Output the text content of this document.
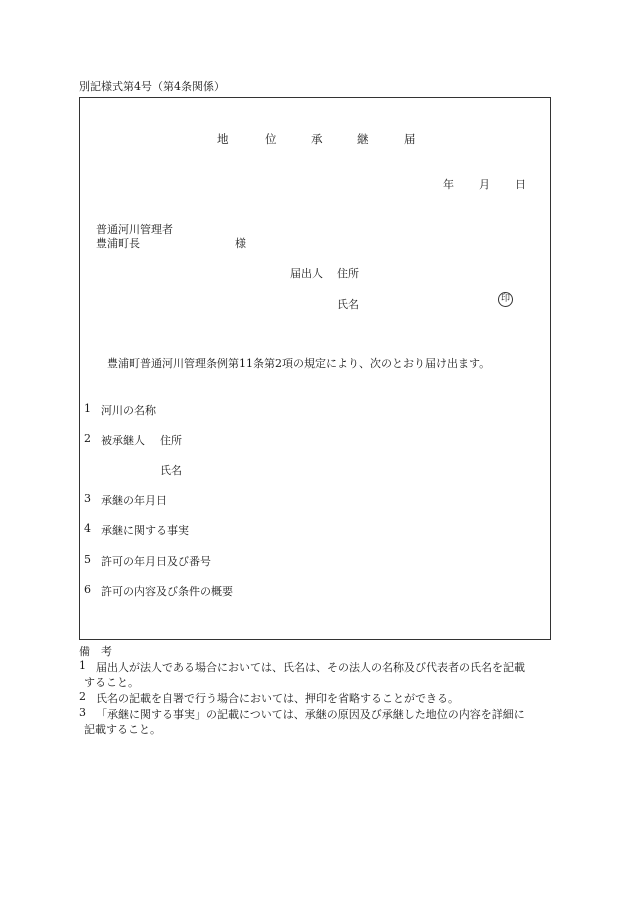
別記様式第4号（第4条関係）
地	位	承	継	届
年 月 日
普通河川管理者
豊浦町長	様
届出人 住所
氏名	印
豊浦町普通河川管理条例第11条第2項の規定により、次のとおり届け出ます。
1 河川の名称
2 被承継人 住所
氏名
3 承継の年月日
4 承継に関する事実
5 許可の年月日及び番号
6 許可の内容及び条件の概要
備　考
1 届出人が法人である場合においては、氏名は、その法人の名称及び代表者の氏名を記載
すること。
2 氏名の記載を自署で行う場合においては、押印を省略することができる。
3 「承継に関する事実」の記載については、承継の原因及び承継した地位の内容を詳細に
記載すること。
